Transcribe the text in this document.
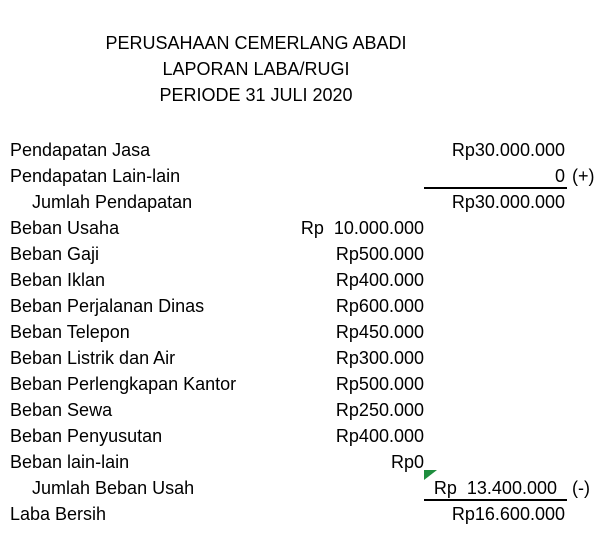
PERUSAHAAN CEMERLANG ABADI
LAPORAN LABA/RUGI
PERIODE 31 JULI 2020
Pendapatan Jasa	Rp30.000.000
Pendapatan Lain-lain	0 (+)
Jumlah Pendapatan	Rp30.000.000
Beban Usaha	Rp  10.000.000
Beban Gaji	Rp500.000
Beban Iklan	Rp400.000
Beban Perjalanan Dinas	Rp600.000
Beban Telepon	Rp450.000
Beban Listrik dan Air	Rp300.000
Beban Perlengkapan Kantor	Rp500.000
Beban Sewa	Rp250.000
Beban Penyusutan	Rp400.000
Beban lain-lain	Rp0
Jumlah Beban Usah	Rp  13.400.000 (-)
Laba Bersih	Rp16.600.000
